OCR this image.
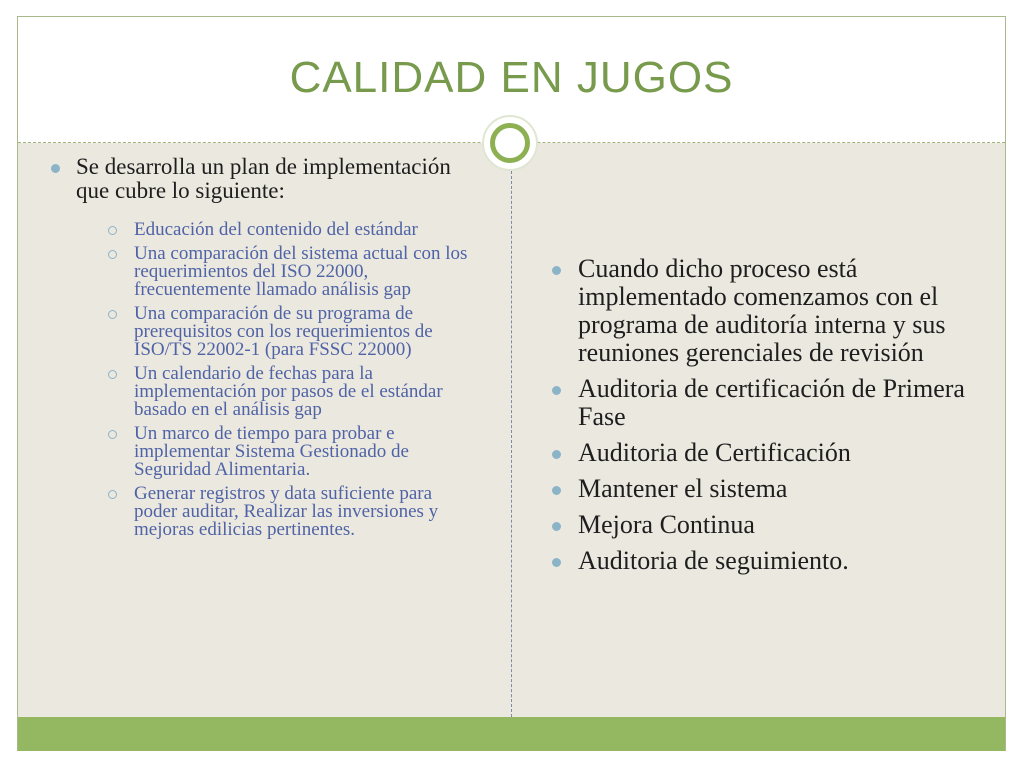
CALIDAD EN JUGOS
Se desarrolla un plan de implementación que cubre lo siguiente:
Educación del contenido del estándar
Una comparación del sistema actual con los requerimientos del ISO 22000, frecuentemente llamado análisis gap
Una comparación de su programa de prerequisitos con los requerimientos de ISO/TS 22002-1 (para FSSC 22000)
Un calendario de fechas para la implementación por pasos de el estándar basado en el análisis gap
Un marco de tiempo para probar e implementar Sistema Gestionado de Seguridad Alimentaria.
Generar registros y data suficiente para poder auditar, Realizar las inversiones y mejoras edilicias pertinentes.
Cuando dicho proceso está implementado comenzamos con el programa de auditoría interna y sus reuniones gerenciales de revisión
Auditoria de certificación de Primera Fase
Auditoria de Certificación
Mantener el sistema
Mejora Continua
Auditoria de seguimiento.
